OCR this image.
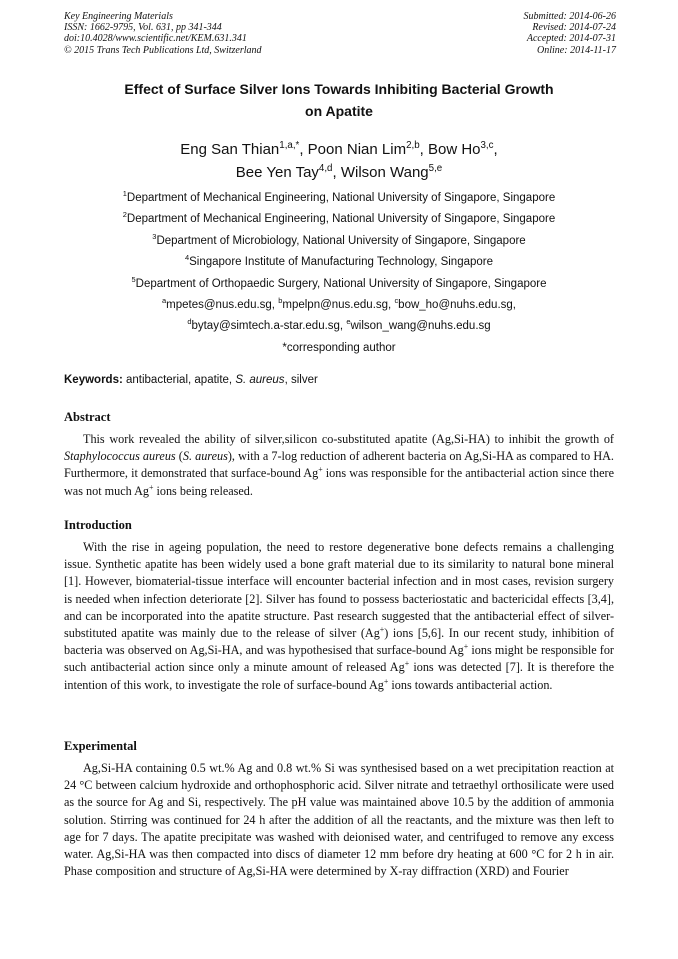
Key Engineering Materials
ISSN: 1662-9795, Vol. 631, pp 341-344
doi:10.4028/www.scientific.net/KEM.631.341
© 2015 Trans Tech Publications Ltd, Switzerland
Submitted: 2014-06-26
Revised: 2014-07-24
Accepted: 2014-07-31
Online: 2014-11-17
Effect of Surface Silver Ions Towards Inhibiting Bacterial Growth
on Apatite
Eng San Thian$^{1,a,*}$, Poon Nian Lim$^{2,b}$, Bow Ho$^{3,c}$,
Bee Yen Tay$^{4,d}$, Wilson Wang$^{5,e}$
$^1$Department of Mechanical Engineering, National University of Singapore, Singapore
$^2$Department of Mechanical Engineering, National University of Singapore, Singapore
$^3$Department of Microbiology, National University of Singapore, Singapore
$^4$Singapore Institute of Manufacturing Technology, Singapore
$^5$Department of Orthopaedic Surgery, National University of Singapore, Singapore
$^a$mpetes@nus.edu.sg, $^b$mpelpn@nus.edu.sg, $^c$bow_ho@nuhs.edu.sg,
$^d$bytay@simtech.a-star.edu.sg, $^e$wilson_wang@nuhs.edu.sg
*corresponding author
Keywords: antibacterial, apatite, S. aureus, silver
Abstract
This work revealed the ability of silver,silicon co-substituted apatite (Ag,Si-HA) to inhibit the growth of Staphylococcus aureus (S. aureus), with a 7-log reduction of adherent bacteria on Ag,Si-HA as compared to HA. Furthermore, it demonstrated that surface-bound Ag+ ions was responsible for the antibacterial action since there was not much Ag+ ions being released.
Introduction
With the rise in ageing population, the need to restore degenerative bone defects remains a challenging issue. Synthetic apatite has been widely used a bone graft material due to its similarity to natural bone mineral [1]. However, biomaterial-tissue interface will encounter bacterial infection and in most cases, revision surgery is needed when infection deteriorate [2]. Silver has found to possess bacteriostatic and bactericidal effects [3,4], and can be incorporated into the apatite structure. Past research suggested that the antibacterial effect of silver-substituted apatite was mainly due to the release of silver (Ag+) ions [5,6]. In our recent study, inhibition of bacteria was observed on Ag,Si-HA, and was hypothesised that surface-bound Ag+ ions might be responsible for such antibacterial action since only a minute amount of released Ag+ ions was detected [7]. It is therefore the intention of this work, to investigate the role of surface-bound Ag+ ions towards antibacterial action.
Experimental
Ag,Si-HA containing 0.5 wt.% Ag and 0.8 wt.% Si was synthesised based on a wet precipitation reaction at 24 °C between calcium hydroxide and orthophosphoric acid. Silver nitrate and tetraethyl orthosilicate were used as the source for Ag and Si, respectively. The pH value was maintained above 10.5 by the addition of ammonia solution. Stirring was continued for 24 h after the addition of all the reactants, and the mixture was then left to age for 7 days. The apatite precipitate was washed with deionised water, and centrifuged to remove any excess water. Ag,Si-HA was then compacted into discs of diameter 12 mm before dry heating at 600 °C for 2 h in air. Phase composition and structure of Ag,Si-HA were determined by X-ray diffraction (XRD) and Fourier
